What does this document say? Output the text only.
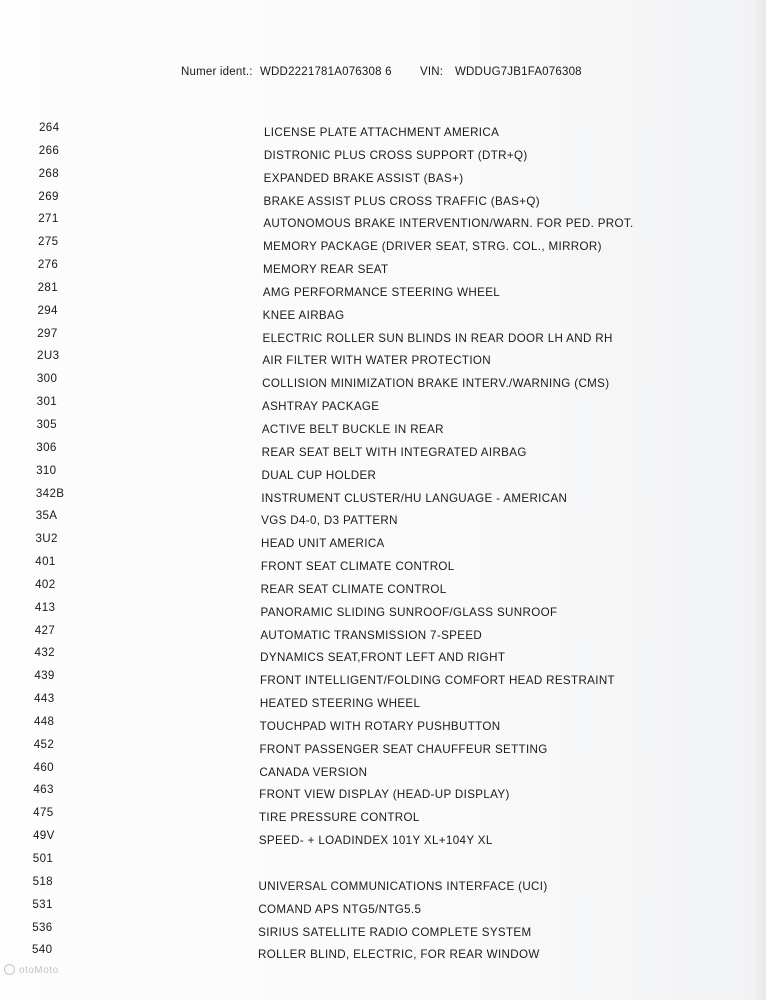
Numer ident.: WDD2221781A076308 6 VIN: WDDUG7JB1FA076308
264	LICENSE PLATE ATTACHMENT AMERICA
266	DISTRONIC PLUS CROSS SUPPORT (DTR+Q)
268	EXPANDED BRAKE ASSIST (BAS+)
269	BRAKE ASSIST PLUS CROSS TRAFFIC (BAS+Q)
271	AUTONOMOUS BRAKE INTERVENTION/WARN. FOR PED. PROT.
275	MEMORY PACKAGE (DRIVER SEAT, STRG. COL., MIRROR)
276	MEMORY REAR SEAT
281	AMG PERFORMANCE STEERING WHEEL
294	KNEE AIRBAG
297	ELECTRIC ROLLER SUN BLINDS IN REAR DOOR LH AND RH
2U3	AIR FILTER WITH WATER PROTECTION
300	COLLISION MINIMIZATION BRAKE INTERV./WARNING (CMS)
301	ASHTRAY PACKAGE
305	ACTIVE BELT BUCKLE IN REAR
306	REAR SEAT BELT WITH INTEGRATED AIRBAG
310	DUAL CUP HOLDER
342B	INSTRUMENT CLUSTER/HU LANGUAGE - AMERICAN
35A	VGS D4-0, D3 PATTERN
3U2	HEAD UNIT AMERICA
401	FRONT SEAT CLIMATE CONTROL
402	REAR SEAT CLIMATE CONTROL
413	PANORAMIC SLIDING SUNROOF/GLASS SUNROOF
427	AUTOMATIC TRANSMISSION 7-SPEED
432	DYNAMICS SEAT,FRONT LEFT AND RIGHT
439	FRONT INTELLIGENT/FOLDING COMFORT HEAD RESTRAINT
443	HEATED STEERING WHEEL
448	TOUCHPAD WITH ROTARY PUSHBUTTON
452	FRONT PASSENGER SEAT CHAUFFEUR SETTING
460	CANADA VERSION
463	FRONT VIEW DISPLAY (HEAD-UP DISPLAY)
475	TIRE PRESSURE CONTROL
49V	SPEED- + LOADINDEX 101Y XL+104Y XL
501
518	UNIVERSAL COMMUNICATIONS INTERFACE (UCI)
531	COMAND APS NTG5/NTG5.5
536	SIRIUS SATELLITE RADIO COMPLETE SYSTEM
540	ROLLER BLIND, ELECTRIC, FOR REAR WINDOW
otoMoto
